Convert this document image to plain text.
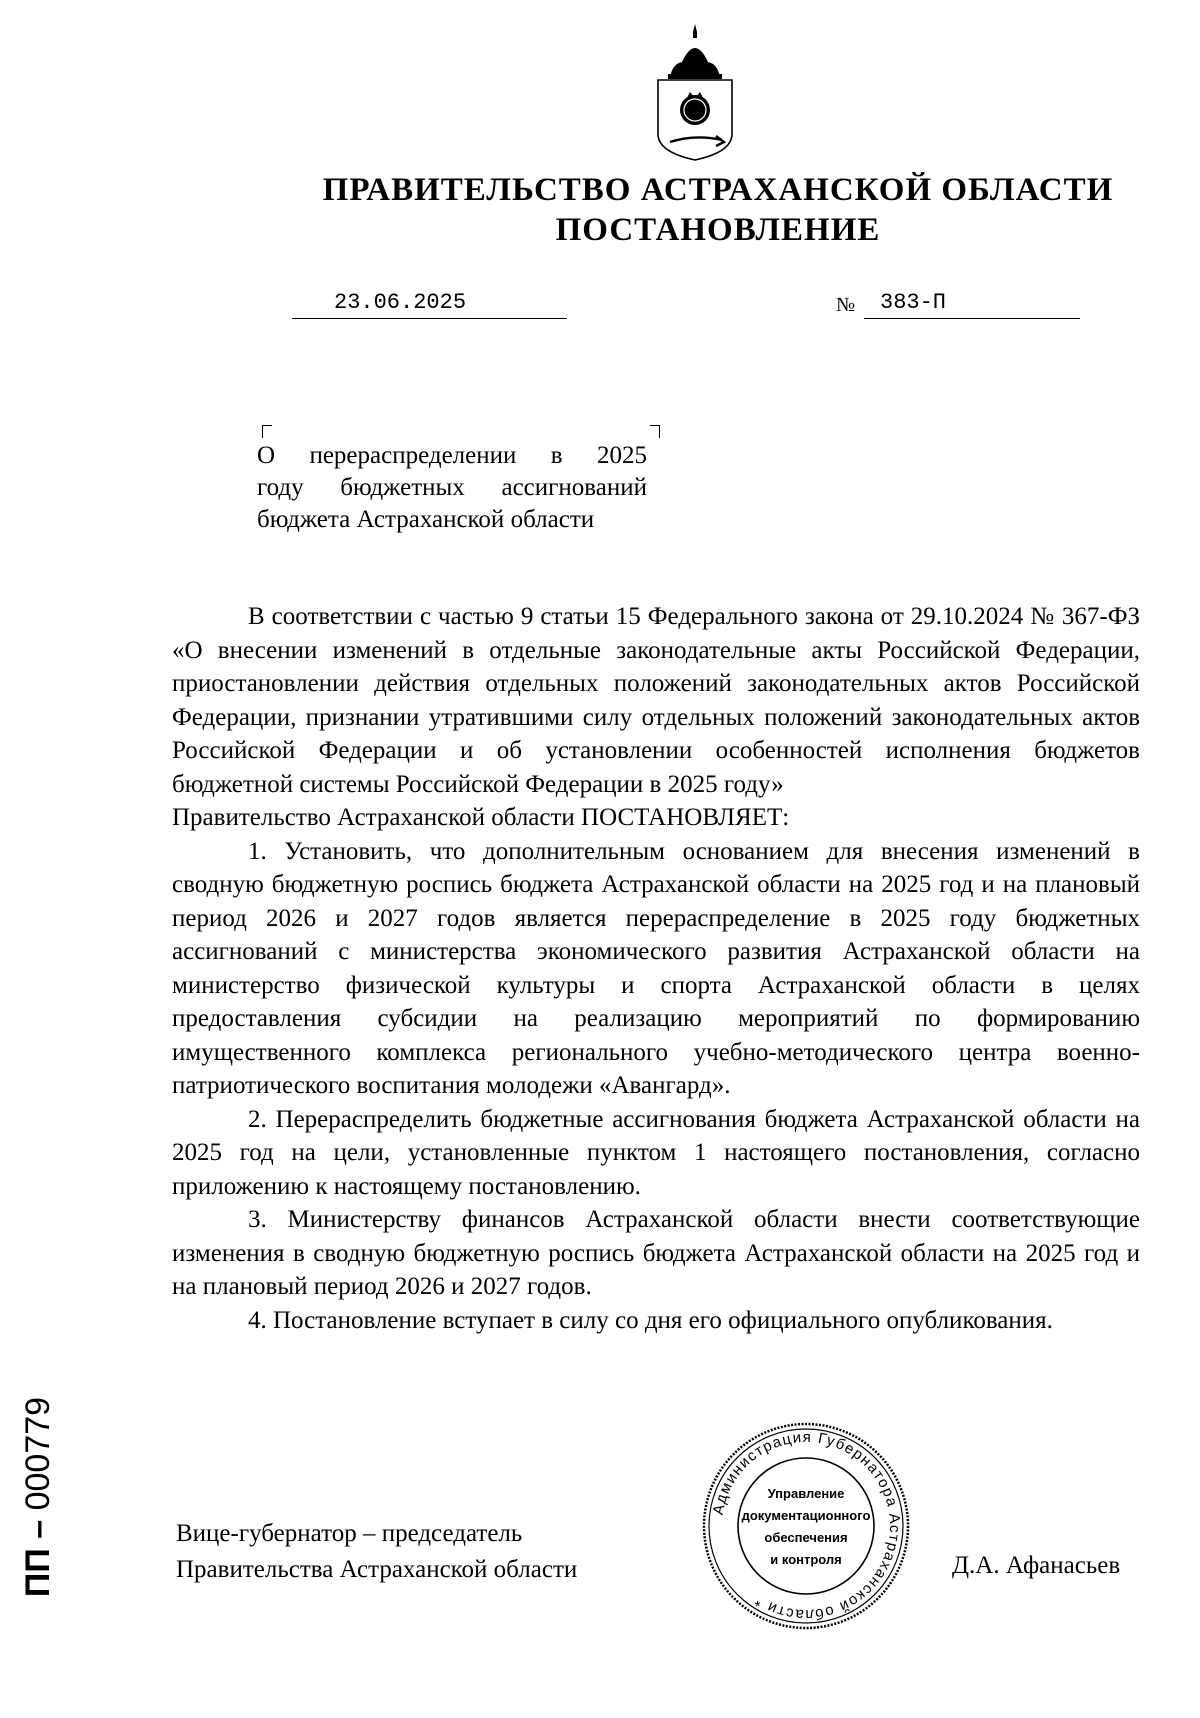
ПРАВИТЕЛЬСТВО АСТРАХАНСКОЙ ОБЛАСТИ
ПОСТАНОВЛЕНИЕ
23.06.2025	№ 383-П

О перераспределении в 2025

году бюджетных ассигнований

бюджета Астраханской области

В соответствии с частью 9 статьи 15 Федерального закона от 29.10.2024 № 367-ФЗ «О внесении изменений в отдельные законодательные акты Российской Федерации, приостановлении действия отдельных положений законодательных актов Российской Федерации, признании утратившими силу отдельных положений законодательных актов Российской Федерации и об установлении особенностей исполнения бюджетов бюджетной системы Российской Федерации в 2025 году»

Правительство Астраханской области ПОСТАНОВЛЯЕТ:

1. Установить, что дополнительным основанием для внесения изменений в сводную бюджетную роспись бюджета Астраханской области на 2025 год и на плановый период 2026 и 2027 годов является перераспределение в 2025 году бюджетных ассигнований с министерства экономического развития Астраханской области на министерство физической культуры и спорта Астраханской области в целях предоставления субсидии на реализацию мероприятий по формированию имущественного комплекса регионального учебно-методического центра военно-патриотического воспитания молодежи «Авангард».

2. Перераспределить бюджетные ассигнования бюджета Астраханской области на 2025 год на цели, установленные пунктом 1 настоящего постановления, согласно приложению к настоящему постановлению.

3. Министерству финансов Астраханской области внести соответствующие изменения в сводную бюджетную роспись бюджета Астраханской области на 2025 год и на плановый период 2026 и 2027 годов.

4. Постановление вступает в силу со дня его официального опубликования.

Вице-губернатор – председатель
Правительства Астраханской области	Д.А. Афанасьев
Администрация Губернатора Астраханской области *
Управление
документационного
обеспечения
и контроля
ПП – 000779
